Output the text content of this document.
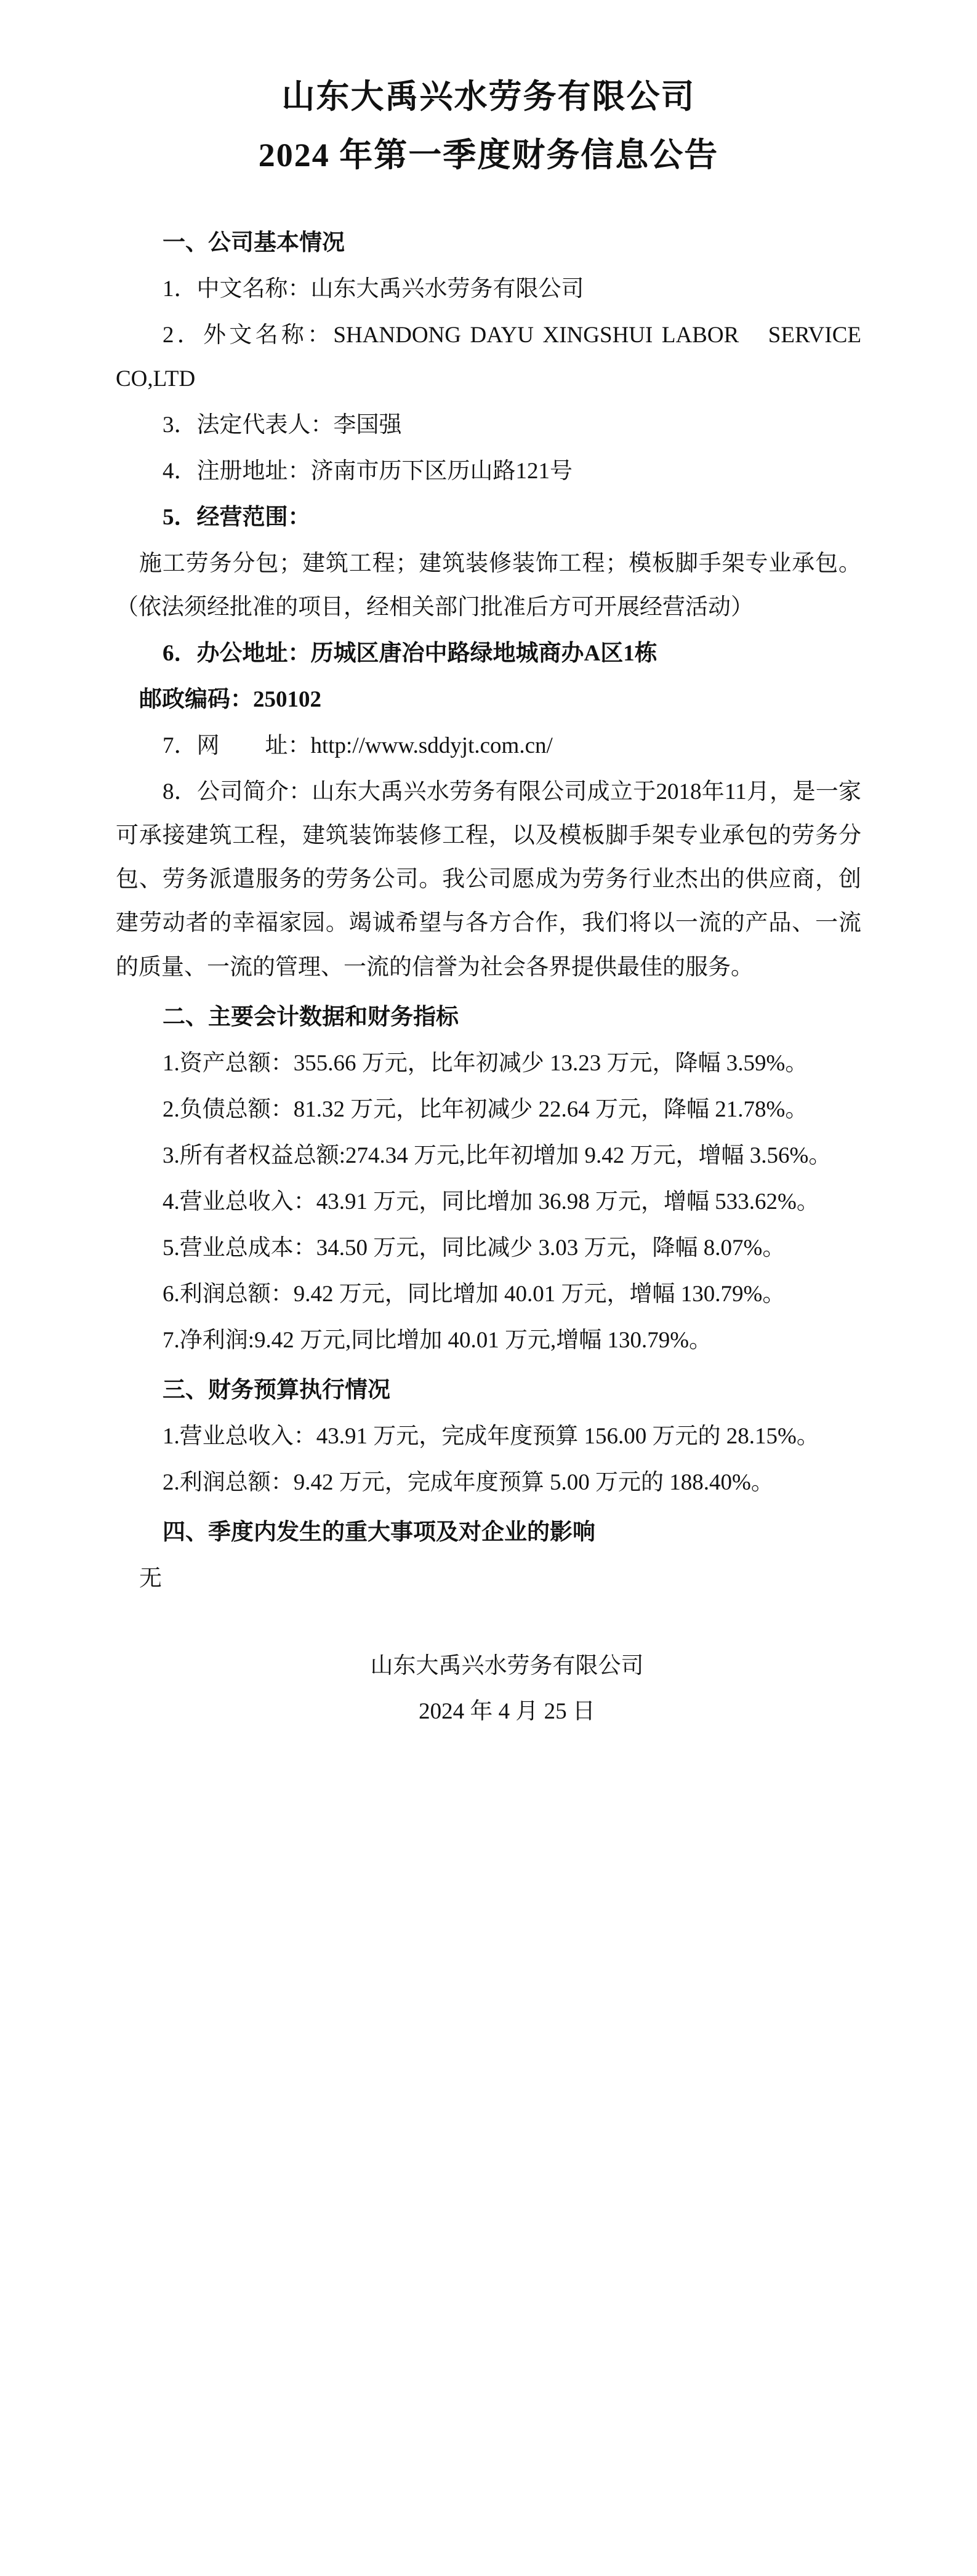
山东大禹兴水劳务有限公司
2024 年第一季度财务信息公告

一、公司基本情况

1．中文名称：山东大禹兴水劳务有限公司

2．外文名称：SHANDONG DAYU XINGSHUI LABOR　SERVICE CO,LTD

3．法定代表人：李国强

4．注册地址：济南市历下区历山路121号

5．经营范围：

施工劳务分包；建筑工程；建筑装修装饰工程；模板脚手架专业承包。（依法须经批准的项目，经相关部门批准后方可开展经营活动）

6．办公地址：历城区唐冶中路绿地城商办A区1栋

邮政编码：250102

7．网　　址：http://www.sddyjt.com.cn/

8．公司简介：山东大禹兴水劳务有限公司成立于2018年11月，是一家可承接建筑工程，建筑装饰装修工程，以及模板脚手架专业承包的劳务分包、劳务派遣服务的劳务公司。我公司愿成为劳务行业杰出的供应商，创建劳动者的幸福家园。竭诚希望与各方合作，我们将以一流的产品、一流的质量、一流的管理、一流的信誉为社会各界提供最佳的服务。

二、主要会计数据和财务指标

1.资产总额：355.66 万元，比年初减少 13.23 万元，降幅 3.59%。

2.负债总额：81.32 万元，比年初减少 22.64 万元，降幅 21.78%。

3.所有者权益总额:274.34 万元,比年初增加 9.42 万元，增幅 3.56%。

4.营业总收入：43.91 万元，同比增加 36.98 万元，增幅 533.62%。

5.营业总成本：34.50 万元，同比减少 3.03 万元，降幅 8.07%。

6.利润总额：9.42 万元，同比增加 40.01 万元，增幅 130.79%。

7.净利润:9.42 万元,同比增加 40.01 万元,增幅 130.79%。

三、财务预算执行情况

1.营业总收入：43.91 万元，完成年度预算 156.00 万元的 28.15%。

2.利润总额：9.42 万元，完成年度预算 5.00 万元的 188.40%。

四、季度内发生的重大事项及对企业的影响

无

山东大禹兴水劳务有限公司
2024 年 4 月 25 日
